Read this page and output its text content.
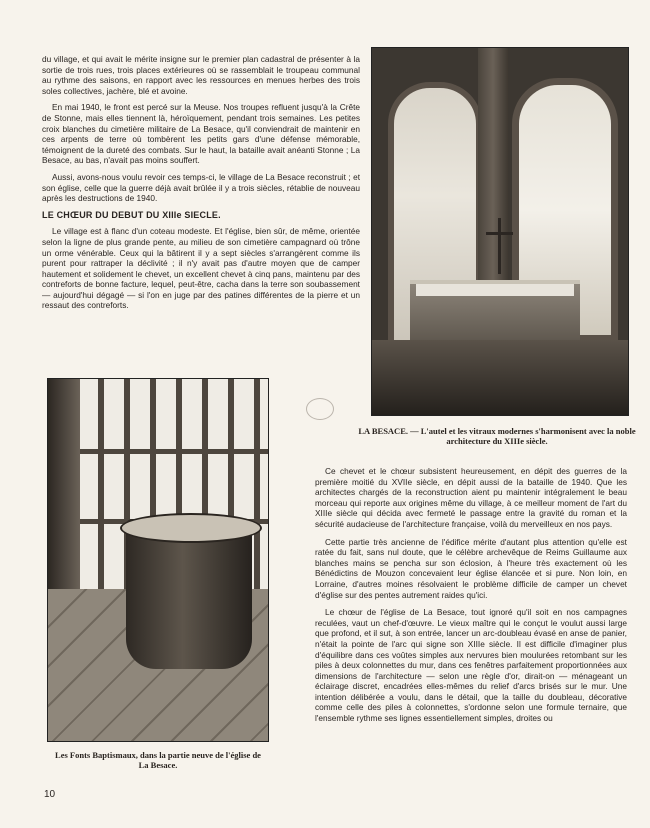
du village, et qui avait le mérite insigne sur le premier plan cadastral de présenter à la sortie de trois rues, trois places extérieures où se rassemblait le troupeau communal au rythme des saisons, en rapport avec les ressources en menues herbes des trois soles collectives, jachère, blé et avoine.

En mai 1940, le front est percé sur la Meuse. Nos troupes refluent jusqu'à la Crête de Stonne, mais elles tiennent là, héroïquement, pendant trois semaines. Les petites croix blanches du cimetière militaire de La Besace, qu'il conviendrait de maintenir en ces arpents de terre où tombèrent les petits gars d'une défense mémorable, témoignent de la dureté des combats. Sur le haut, la bataille avait anéanti Stonne ; La Besace, au bas, n'avait pas moins souffert.

Aussi, avons-nous voulu revoir ces temps-ci, le village de La Besace reconstruit ; et son église, celle que la guerre déjà avait brûlée il y a trois siècles, rétablie de nouveau après les destructions de 1940.

LE CHŒUR DU DEBUT DU XIIIe SIECLE.

Le village est à flanc d'un coteau modeste. Et l'église, bien sûr, de même, orientée selon la ligne de plus grande pente, au milieu de son cimetière campagnard où trône un orme vénérable. Ceux qui la bâtirent il y a sept siècles s'arrangèrent comme ils purent pour rattraper la déclivité ; il n'y avait pas d'autre moyen que de camper hautement et solidement le chevet, un excellent chevet à cinq pans, maintenu par des contreforts de bonne facture, lequel, peut-être, cacha dans la terre son soubassement — aujourd'hui dégagé — si l'on en juge par des patines différentes de la pierre et un ressaut des contreforts.

LA BESACE. — L'autel et les vitraux modernes s'harmonisent avec la noble architecture du XIIIe siècle.
Les Fonts Baptismaux, dans la partie neuve de l'église de La Besace.

Ce chevet et le chœur subsistent heureusement, en dépit des guerres de la première moitié du XVIIe siècle, en dépit aussi de la bataille de 1940. Que les architectes chargés de la reconstruction aient pu maintenir intégralement le beau morceau qui reporte aux origines même du village, à ce meilleur moment de l'art du XIIIe siècle qui décida avec fermeté le passage entre la gravité du roman et la sécurité audacieuse de l'architecture française, voilà du merveilleux en nos pays.

Cette partie très ancienne de l'édifice mérite d'autant plus attention qu'elle est ratée du fait, sans nul doute, que le célèbre archevêque de Reims Guillaume aux blanches mains se pencha sur son éclosion, à l'heure très exactement où les Bénédictins de Mouzon concevaient leur église élancée et si pure. Non loin, en Lorraine, d'autres moines résolvaient le problème difficile de camper un chevet d'église sur des pentes autrement raides qu'ici.

Le chœur de l'église de La Besace, tout ignoré qu'il soit en nos campagnes reculées, vaut un chef-d'œuvre. Le vieux maître qui le conçut le voulut aussi large que profond, et il sut, à son entrée, lancer un arc-doubleau évasé en anse de panier, n'était la pointe de l'arc qui signe son XIIIe siècle. Il est difficile d'imaginer plus d'équilibre dans ces voûtes simples aux nervures bien moulurées retombant sur les piles à deux colonnettes du mur, dans ces fenêtres parfaitement proportionnées aux dimensions de l'architecture — selon une règle d'or, dirait-on — ménageant un éclairage discret, encadrées elles-mêmes du relief d'arcs brisés sur le mur. Une intention délibérée a voulu, dans le détail, que la taille du doubleau, décorative comme celle des piles à colonnettes, s'ordonne selon une formule ternaire, que l'ensemble rythme ses lignes essentiellement simples, droites ou

10
